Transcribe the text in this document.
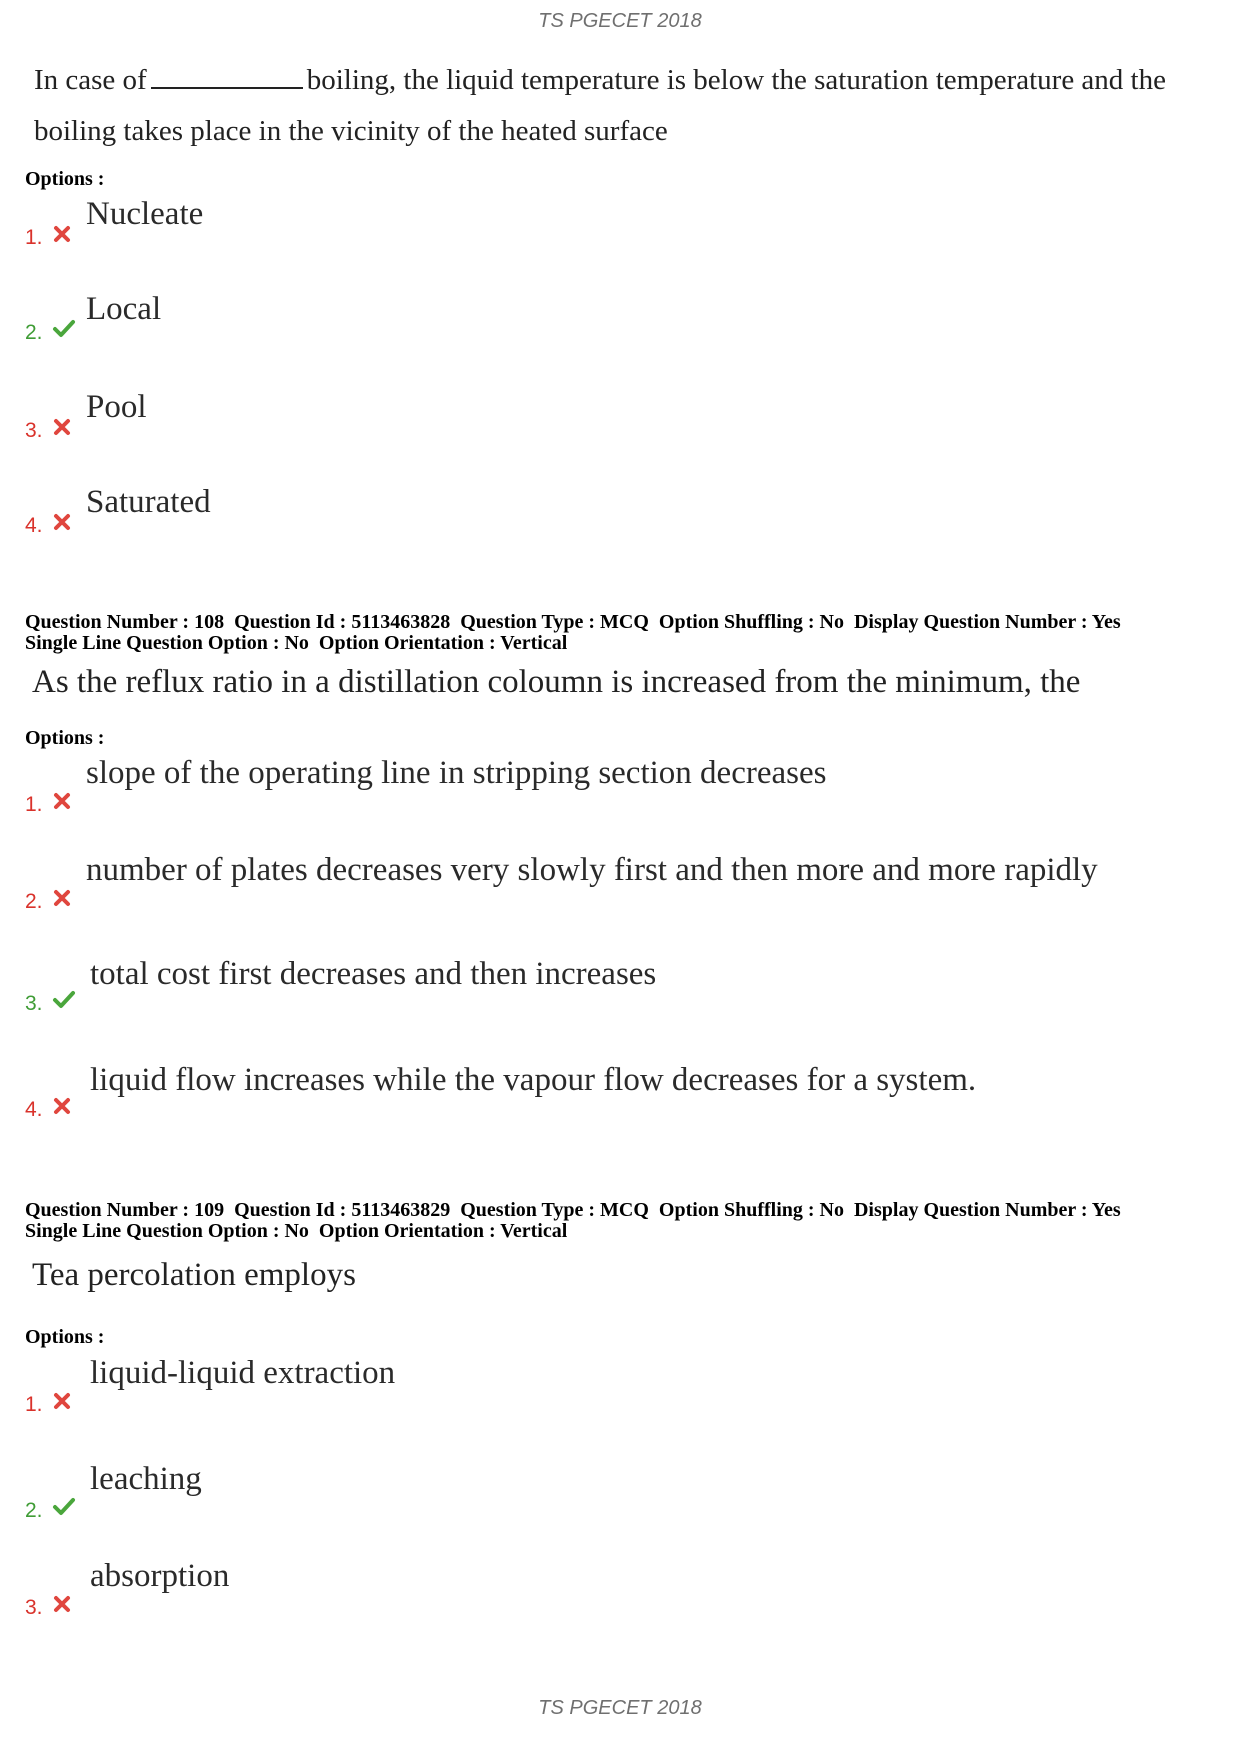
TS PGECET 2018
In case of	boiling, the liquid temperature is below the saturation temperature and the
boiling takes place in the vicinity of the heated surface
Options :
1.
Nucleate
2.
Local
3.
Pool
4.
Saturated
Question Number : 108  Question Id : 5113463828  Question Type : MCQ  Option Shuffling : No  Display Question Number : Yes
Single Line Question Option : No  Option Orientation : Vertical
As the reflux ratio in a distillation coloumn is increased from the minimum, the
Options :
1.
slope of the operating line in stripping section decreases
2.
number of plates decreases very slowly first and then more and more rapidly
3.
total cost first decreases and then increases
4.
liquid flow increases while the vapour flow decreases for a system.
Question Number : 109  Question Id : 5113463829  Question Type : MCQ  Option Shuffling : No  Display Question Number : Yes
Single Line Question Option : No  Option Orientation : Vertical
Tea percolation employs
Options :
1.
liquid-liquid extraction
2.
leaching
3.
absorption
TS PGECET 2018
